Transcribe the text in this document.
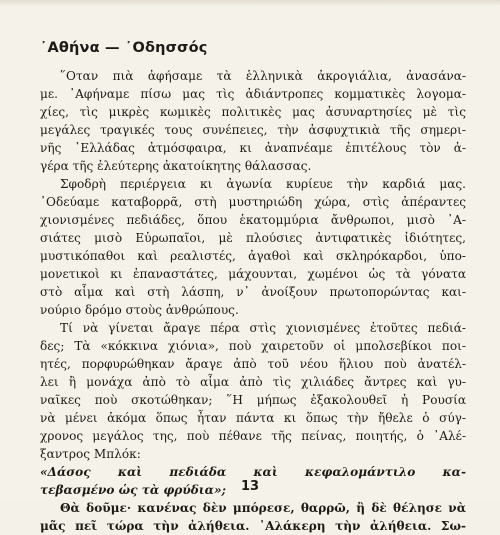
᾿Αθήνα — ᾿Οδησσός
῞Οταν πιὰ ἀφήσαμε τὰ ἑλληνικὰ ἀκρογιάλια, ἀνασάνα-
με. ᾿Αφήναμε πίσω μας τὶς ἀδιάντροπες κομματικὲς λογομα-
χίες, τὶς μικρὲς κωμικὲς πολιτικὲς μας ἀσυναρτησίες μὲ τὶς
μεγάλες τραγικές τους συνέπειες, τὴν ἀσφυχτικιὰ τῆς σημερι-
νῆς ᾿Ελλάδας ἀτμόσφαιρα, κι ἀναπνέαμε ἐπιτέλους τὸν ἀ-
γέρα τῆς ἐλεύτερης ἀκατοίκητης θάλασσας.
Σφοδρὴ περιέργεια κι ἀγωνία κυρίευε τὴν καρδιά μας.
᾿Οδεύαμε καταβορρᾶ, στὴ μυστηριώδη χώρα, στὶς ἀπέραντες
χιονισμένες πεδιάδες, ὅπου ἑκατομμύρια ἄνθρωποι, μισὸ ᾿Α-
σιάτες μισὸ Εὐρωπαῖοι, μὲ πλούσιες ἀντιφατικὲς ἰδιότητες,
μυστικόπαθοι καὶ ρεαλιστές, ἀγαθοὶ καὶ σκληρόκαρδοι, ὑπο-
μονετικοὶ κι ἐπαναστάτες, μάχουνται, χωμένοι ὡς τὰ γόνατα
στὸ αἷμα καὶ στὴ λάσπη, ν᾿ ἀνοίξουν πρωτοπορώντας και-
νούριο δρόμο στοὺς ἀνθρώπους.
Τί νὰ γίνεται ἄραγε πέρα στὶς χιονισμένες ἐτοῦτες πεδιά-
δες; Τὰ «κόκκινα χιόνια», ποὺ χαιρετοῦν οἱ μπολσεβίκοι ποι-
ητές, πορφυρώθηκαν ἄραγε ἀπὸ τοῦ νέου ἥλιου ποὺ ἀνατέλ-
λει ἢ μονάχα ἀπὸ τὸ αἷμα ἀπὸ τὶς χιλιάδες ἄντρες καὶ γυ-
ναῖκες ποὺ σκοτώθηκαν; ῞Η μήπως ἐξακολουθεῖ ἡ Ρουσία
νὰ μένει ἀκόμα ὅπως ἦταν πάντα κι ὅπως τὴν ἤθελε ὁ σύγ-
χρονος μεγάλος της, ποὺ πέθανε τῆς πείνας, ποιητής, ὁ ᾿Αλέ-
ξαντρος Μπλόκ:
«Δάσος καὶ πεδιάδα καὶ κεφαλομάντιλο κα-
τεβασμένο ὡς τὰ φρύδια»;
Θὰ δοῦμε· κανένας δὲν μπόρεσε, θαρρῶ, ἢ δὲ θέλησε νὰ
μᾶς πεῖ τώρα τὴν ἀλήθεια. ᾿Αλάκερη τὴν ἀλήθεια. Σω-
13
